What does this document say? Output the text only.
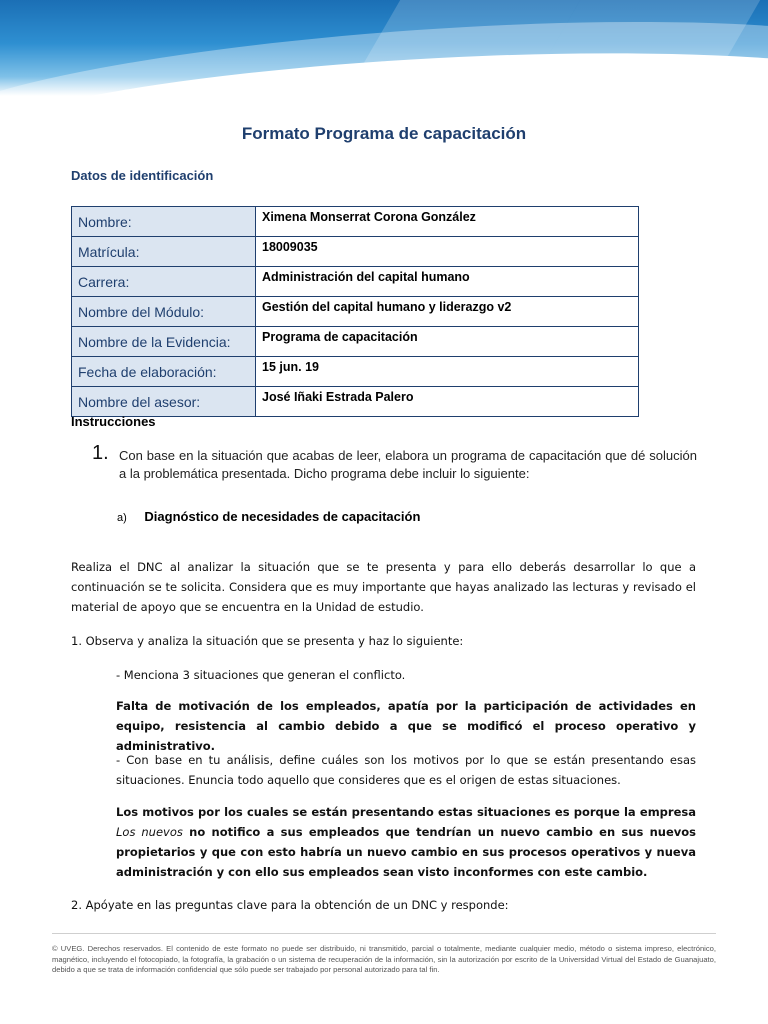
Formato Programa de capacitación
Datos de identificación
Nombre:	Ximena Monserrat Corona González
Matrícula:	18009035
Carrera:	Administración del capital humano
Nombre del Módulo:	Gestión del capital humano y liderazgo v2
Nombre de la Evidencia:	Programa de capacitación
Fecha de elaboración:	15 jun. 19
Nombre del asesor:	José Iñaki Estrada Palero
Instrucciones
1. Con base en la situación que acabas de leer, elabora un programa de capacitación que dé solución a la problemática presentada. Dicho programa debe incluir lo siguiente:
a) Diagnóstico de necesidades de capacitación
Realiza el DNC al analizar la situación que se te presenta y para ello deberás desarrollar lo que a continuación se te solicita. Considera que es muy importante que hayas analizado las lecturas y revisado el material de apoyo que se encuentra en la Unidad de estudio.
1. Observa y analiza la situación que se presenta y haz lo siguiente:
- Menciona 3 situaciones que generan el conflicto.
Falta de motivación de los empleados, apatía por la participación de actividades en equipo, resistencia al cambio debido a que se modificó el proceso operativo y administrativo.
- Con base en tu análisis, define cuáles son los motivos por lo que se están presentando esas situaciones. Enuncia todo aquello que consideres que es el origen de estas situaciones.
Los motivos por los cuales se están presentando estas situaciones es porque la empresa Los nuevos no notifico a sus empleados que tendrían un nuevo cambio en sus nuevos propietarios y que con esto habría un nuevo cambio en sus procesos operativos y nueva administración y con ello sus empleados sean visto inconformes con este cambio.
2. Apóyate en las preguntas clave para la obtención de un DNC y responde:
© UVEG. Derechos reservados. El contenido de este formato no puede ser distribuido, ni transmitido, parcial o totalmente, mediante cualquier medio, método o sistema impreso, electrónico, magnético, incluyendo el fotocopiado, la fotografía, la grabación o un sistema de recuperación de la información, sin la autorización por escrito de la Universidad Virtual del Estado de Guanajuato, debido a que se trata de información confidencial que sólo puede ser trabajado por personal autorizado para tal fin.
